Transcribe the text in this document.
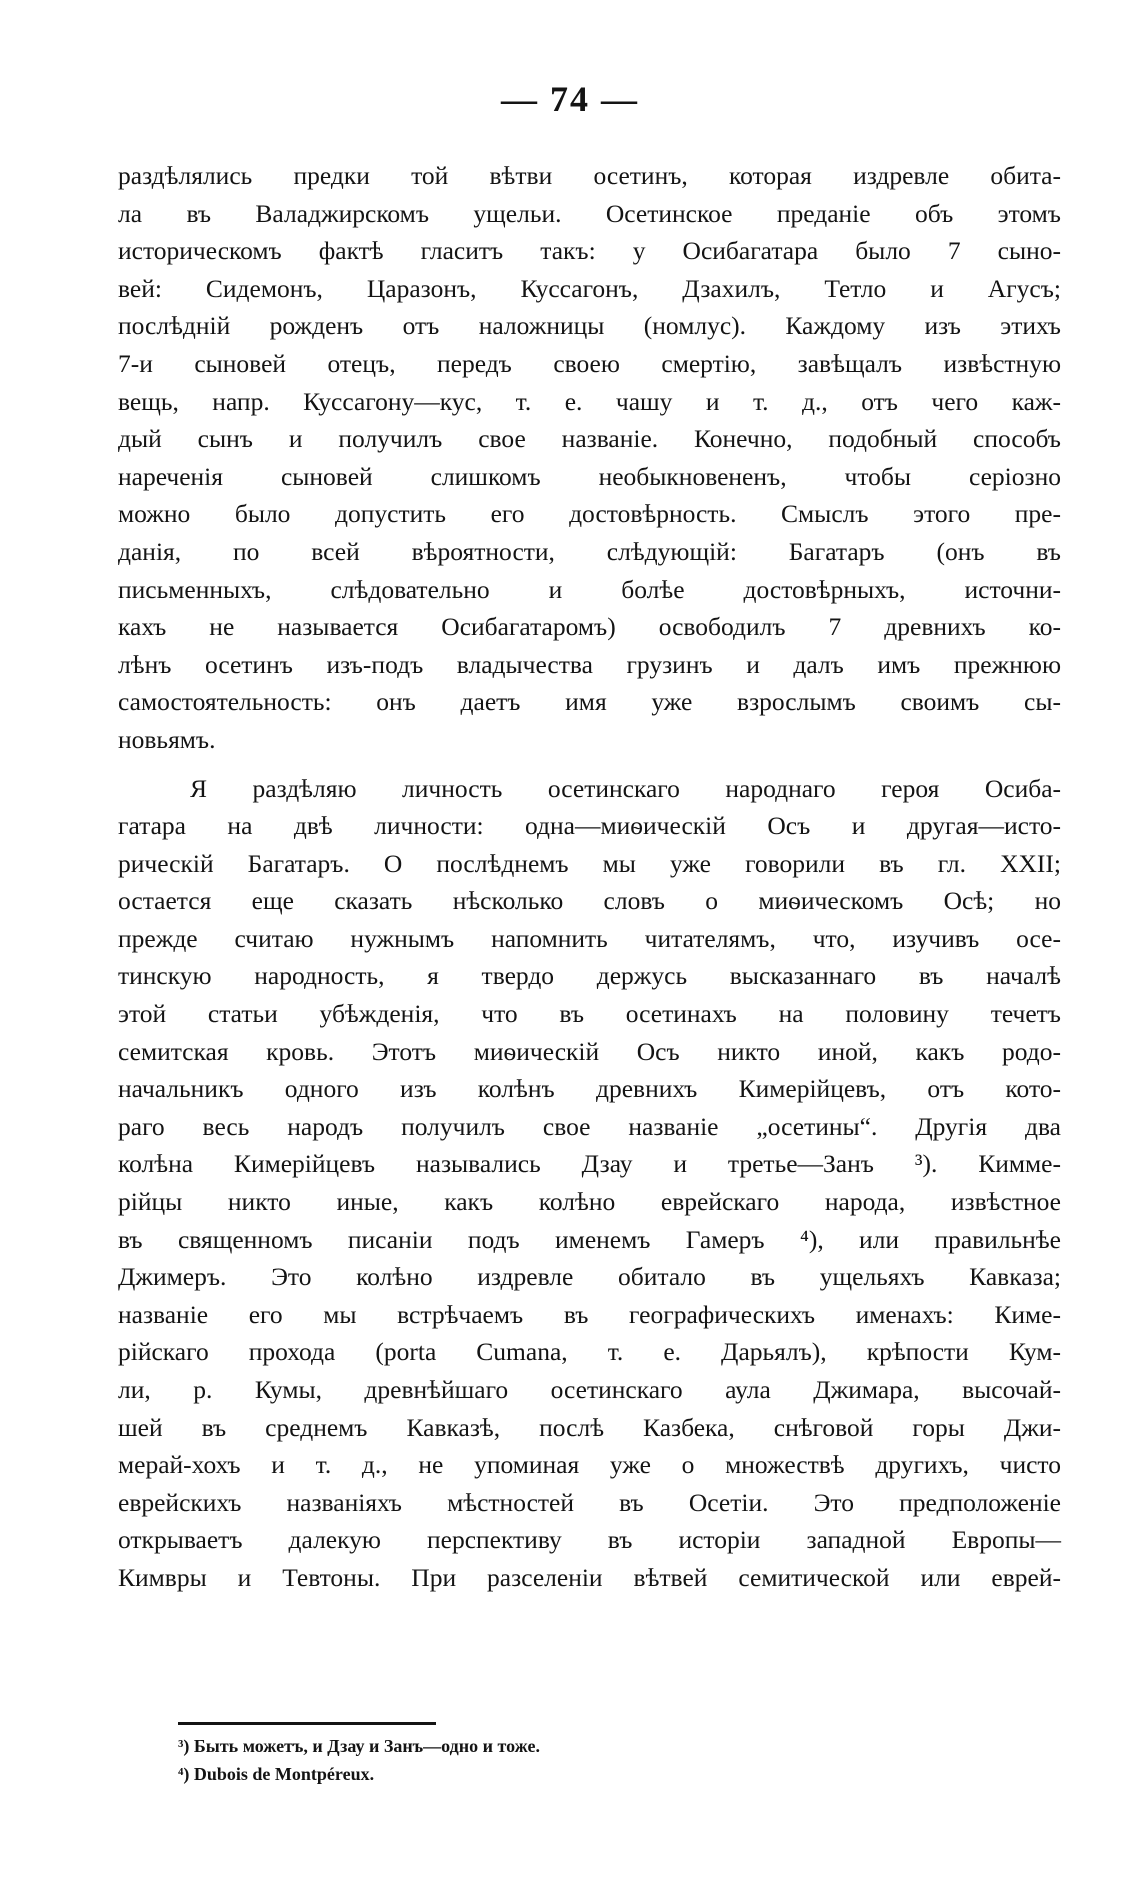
— 74 —
раздѣлялись предки той вѣтви осетинъ, которая издревле обита-
ла въ Валаджирскомъ ущельи. Осетинское преданіе объ этомъ
историческомъ фактѣ гласитъ такъ: у Осибагатара было 7 сыно-
вей: Сидемонъ, Царазонъ, Куссагонъ, Дзахилъ, Тетло и Агусъ;
послѣдній рожденъ отъ наложницы (номлус). Каждому изъ этихъ
7-и сыновей отецъ, передъ своею смертію, завѣщалъ извѣстную
вещь, напр. Куссагону—кус, т. е. чашу и т. д., отъ чего каж-
дый сынъ и получилъ свое названіе. Конечно, подобный способъ
нареченія сыновей слишкомъ необыкновененъ, чтобы серіозно
можно было допустить его достовѣрность. Смыслъ этого пре-
данія, по всей вѣроятности, слѣдующій: Багатаръ (онъ въ
письменныхъ, слѣдовательно и болѣе достовѣрныхъ, источни-
кахъ не называется Осибагатаромъ) освободилъ 7 древнихъ ко-
лѣнъ осетинъ изъ-подъ владычества грузинъ и далъ имъ прежнюю
самостоятельность: онъ даетъ имя уже взрослымъ своимъ сы-
новьямъ.
Я раздѣляю личность осетинскаго народнаго героя Осиба-
гатара на двѣ личности: одна—миѳическій Осъ и другая—исто-
рическій Багатаръ. О послѣднемъ мы уже говорили въ гл. XXII;
остается еще сказать нѣсколько словъ о миѳическомъ Осѣ; но
прежде считаю нужнымъ напомнить читателямъ, что, изучивъ осе-
тинскую народность, я твердо держусь высказаннаго въ началѣ
этой статьи убѣжденія, что въ осетинахъ на половину течетъ
семитская кровь. Этотъ миѳическій Осъ никто иной, какъ родо-
начальникъ одного изъ колѣнъ древнихъ Кимерійцевъ, отъ кото-
раго весь народъ получилъ свое названіе „осетины“. Другія два
колѣна Кимерійцевъ назывались Дзау и третье—Занъ ³). Кимме-
рійцы никто иные, какъ колѣно еврейскаго народа, извѣстное
въ священномъ писаніи подъ именемъ Гамеръ ⁴), или правильнѣе
Джимеръ. Это колѣно издревле обитало въ ущельяхъ Кавказа;
названіе его мы встрѣчаемъ въ географическихъ именахъ: Киме-
рійскаго прохода (porta Cumana, т. е. Дарьялъ), крѣпости Кум-
ли, р. Кумы, древнѣйшаго осетинскаго аула Джимара, высочай-
шей въ среднемъ Кавказѣ, послѣ Казбека, снѣговой горы Джи-
мерай-хохъ и т. д., не упоминая уже о множествѣ другихъ, чисто
еврейскихъ названіяхъ мѣстностей въ Осетіи. Это предположеніе
открываетъ далекую перспективу въ исторіи западной Европы—
Кимвры и Тевтоны. При разселеніи вѣтвей семитической или еврей-
³) Быть можетъ, и Дзау и Занъ—одно и тоже.
⁴) Dubois de Montpéreux.
